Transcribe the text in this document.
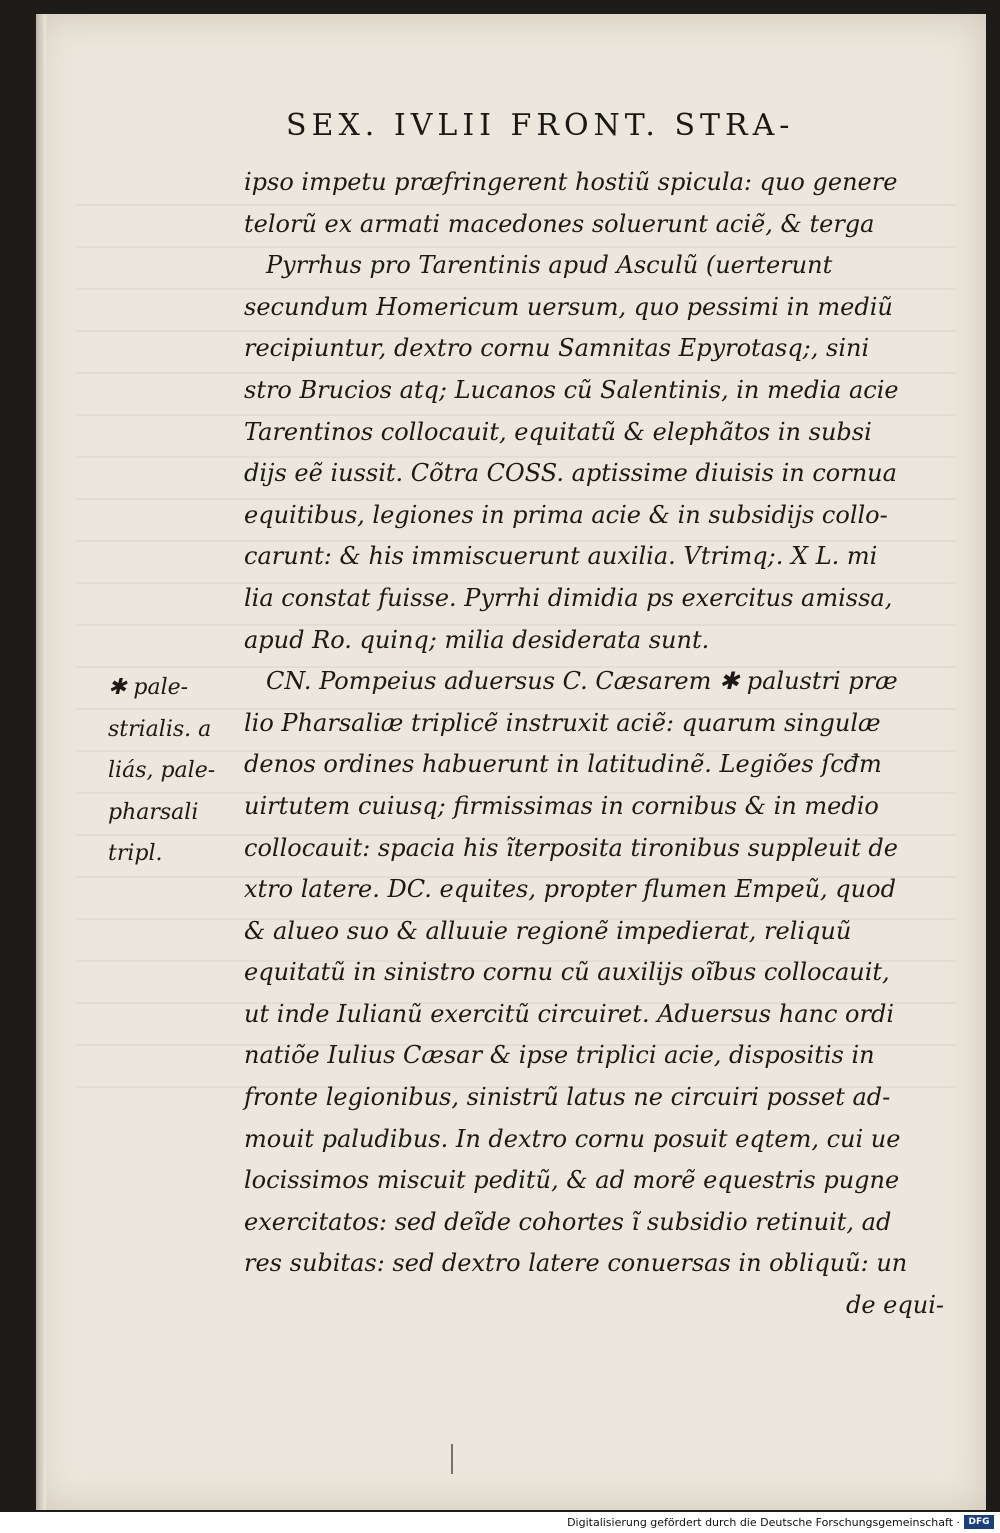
SEX. IVLII FRONT. STRA-
ipso impetu præfringerent hostiũ spicula: quo genere
telorũ ex armati macedones soluerunt aciẽ, & terga
Pyrrhus pro Tarentinis apud Asculũ (uerterunt
secundum Homericum uersum, quo pessimi in mediũ
recipiuntur, dextro cornu Samnitas Epyrotasq;, sini
stro Brucios atq; Lucanos cũ Salentinis, in media acie
Tarentinos collocauit, equitatũ & elephãtos in subsi
dijs eẽ iussit. Cõtra COSS. aptissime diuisis in cornua
equitibus, legiones in prima acie & in subsidijs collo-
carunt: & his immiscuerunt auxilia. Vtrimq;. X L. mi
lia constat fuisse. Pyrrhi dimidia ps exercitus amissa,
apud Ro. quinq; milia desiderata sunt.
CN. Pompeius aduersus C. Cæsarem ✱ palustri præ
lio Pharsaliæ triplicẽ instruxit aciẽ: quarum singulæ
denos ordines habuerunt in latitudinẽ. Legiões ſcđm
uirtutem cuiusq; firmissimas in cornibus & in medio
collocauit: spacia his ĩterposita tironibus suppleuit de
xtro latere. DC. equites, propter flumen Empeũ, quod
& alueo suo & alluuie regionẽ impedierat, reliquũ
equitatũ in sinistro cornu cũ auxilijs oĩbus collocauit,
ut inde Iulianũ exercitũ circuiret. Aduersus hanc ordi
natiõe Iulius Cæsar & ipse triplici acie, dispositis in
fronte legionibus, sinistrũ latus ne circuiri posset ad-
mouit paludibus. In dextro cornu posuit eqtem, cui ue
locissimos miscuit peditũ, & ad morẽ equestris pugne
exercitatos: sed deĩde cohortes ĩ subsidio retinuit, ad
res subitas: sed dextro latere conuersas in obliquũ: un
de equi-
✱ pale-
strialis. a
liás, pale-
pharsali
tripl.
Digitalisierung gefördert durch die Deutsche Forschungsgemeinschaft · DFG
